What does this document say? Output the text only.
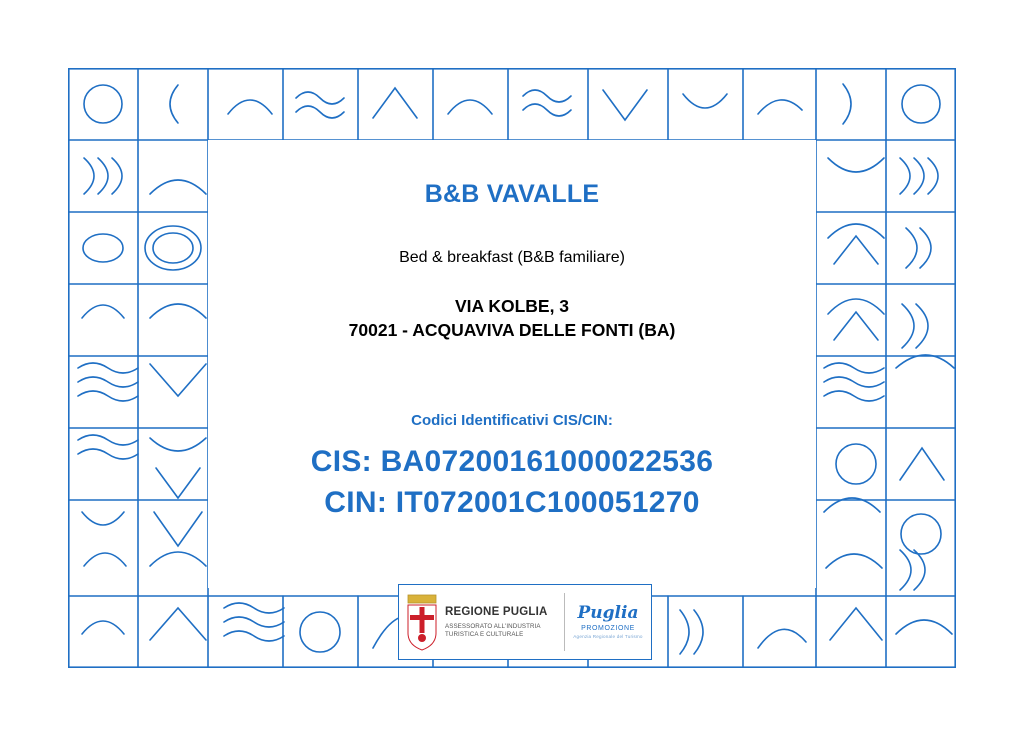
B&B VAVALLE
Bed & breakfast (B&B familiare)
VIA KOLBE, 3
70021 - ACQUAVIVA DELLE FONTI (BA)
Codici Identificativi CIS/CIN:
CIS: BA07200161000022536
CIN: IT072001C100051270
REGIONE PUGLIA
ASSESSORATO ALL'INDUSTRIA
TURISTICA E CULTURALE
Puglia
PROMOZIONE
Agenzia Regionale del Turismo
